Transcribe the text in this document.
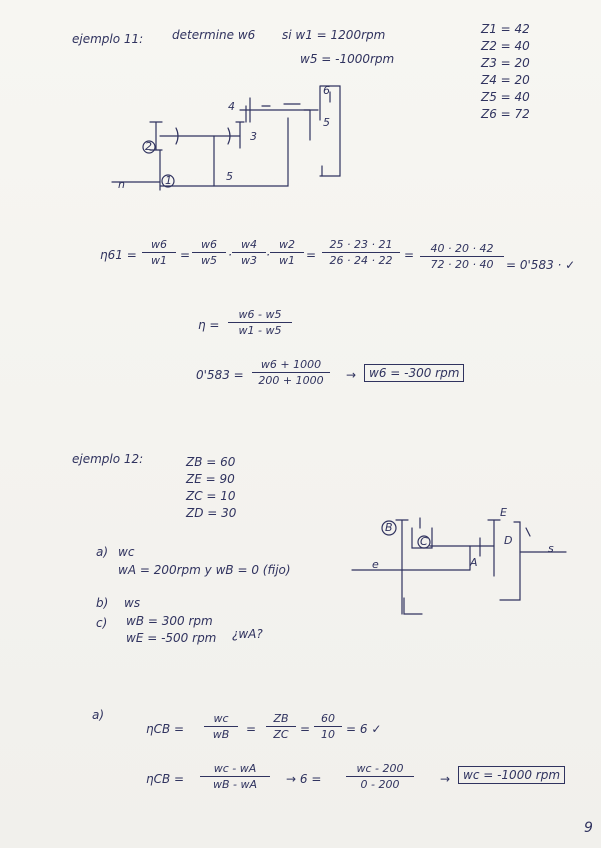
ejemplo 11: determine w6 si w1 = 1200rpm
w5 = -1000rpm
Z1 = 42
Z2 = 40
Z3 = 20
Z4 = 20
Z5 = 40
Z6 = 72
2
1
3
4
6
5
5
n
$\eta 61 = \frac{w6}{w1} = \frac{w6}{w5} \cdot \frac{w4}{w3} \cdot \frac{w2}{w1} = \frac{25 \cdot 23 \cdot 21}{26 \cdot 24 \cdot 22} = \frac{40 \cdot 20 \cdot 42}{72 \cdot 20 \cdot 40} = 0'583$ · ✓
$\eta = \frac{w6 - w5}{w1 - w5}$
$0'583 = \frac{w6 + 1000}{200 + 1000}$ →	w6 = -300 rpm
ejemplo 12:	ZB = 60
ZE = 90
ZC = 10
ZD = 30
a) wc
wA = 200rpm y wB = 0 (fijo)
b) ws
c) wB = 300 rpm
wE = -500 rpm ¿wA?
B
C
A
D
E
e
s
a)
$\eta CB = \frac{wc}{wB} = \frac{ZB}{ZC} = \frac{60}{10} = 6$ ✓
$\eta CB = \frac{wc - wA}{wB - wA} \to 6 = \frac{wc - 200}{0 - 200}$ →	wc = -1000 rpm
9
